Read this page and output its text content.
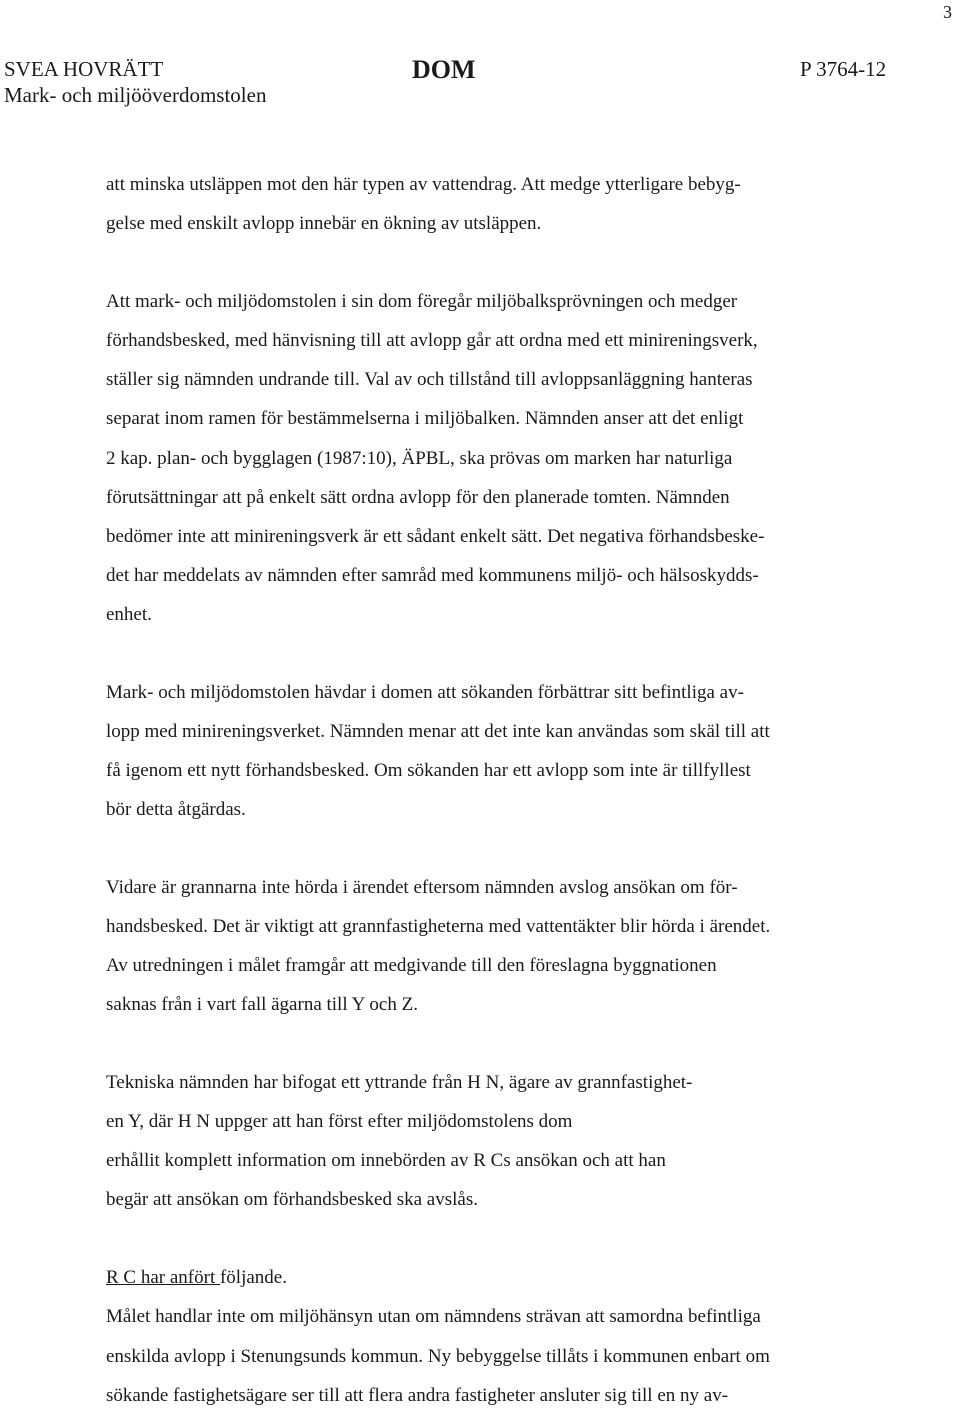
3
SVEA HOVRÄTT
Mark- och miljööverdomstolen
DOM	P 3764-12
att minska utsläppen mot den här typen av vattendrag. Att medge ytterligare bebyg-
gelse med enskilt avlopp innebär en ökning av utsläppen.
Att mark- och miljödomstolen i sin dom föregår miljöbalksprövningen och medger
förhandsbesked, med hänvisning till att avlopp går att ordna med ett minireningsverk,
ställer sig nämnden undrande till. Val av och tillstånd till avloppsanläggning hanteras
separat inom ramen för bestämmelserna i miljöbalken. Nämnden anser att det enligt
2 kap. plan- och bygglagen (1987:10), ÄPBL, ska prövas om marken har naturliga
förutsättningar att på enkelt sätt ordna avlopp för den planerade tomten. Nämnden
bedömer inte att minireningsverk är ett sådant enkelt sätt. Det negativa förhandsbeske-
det har meddelats av nämnden efter samråd med kommunens miljö- och hälsoskydds-
enhet.
Mark- och miljödomstolen hävdar i domen att sökanden förbättrar sitt befintliga av-
lopp med minireningsverket. Nämnden menar att det inte kan användas som skäl till att
få igenom ett nytt förhandsbesked. Om sökanden har ett avlopp som inte är tillfyllest
bör detta åtgärdas.
Vidare är grannarna inte hörda i ärendet eftersom nämnden avslog ansökan om för-
handsbesked. Det är viktigt att grannfastigheterna med vattentäkter blir hörda i ärendet.
Av utredningen i målet framgår att medgivande till den föreslagna byggnationen
saknas från i vart fall ägarna till Y och Z.
Tekniska nämnden har bifogat ett yttrande från H N, ägare av grannfastighet-
en Y, där H N uppger att han först efter miljödomstolens dom
erhållit komplett information om innebörden av R Cs ansökan och att han
begär att ansökan om förhandsbesked ska avslås.
R C har anfört följande.
Målet handlar inte om miljöhänsyn utan om nämndens strävan att samordna befintliga
enskilda avlopp i Stenungsunds kommun. Ny bebyggelse tillåts i kommunen enbart om
sökande fastighetsägare ser till att flera andra fastigheter ansluter sig till en ny av-
